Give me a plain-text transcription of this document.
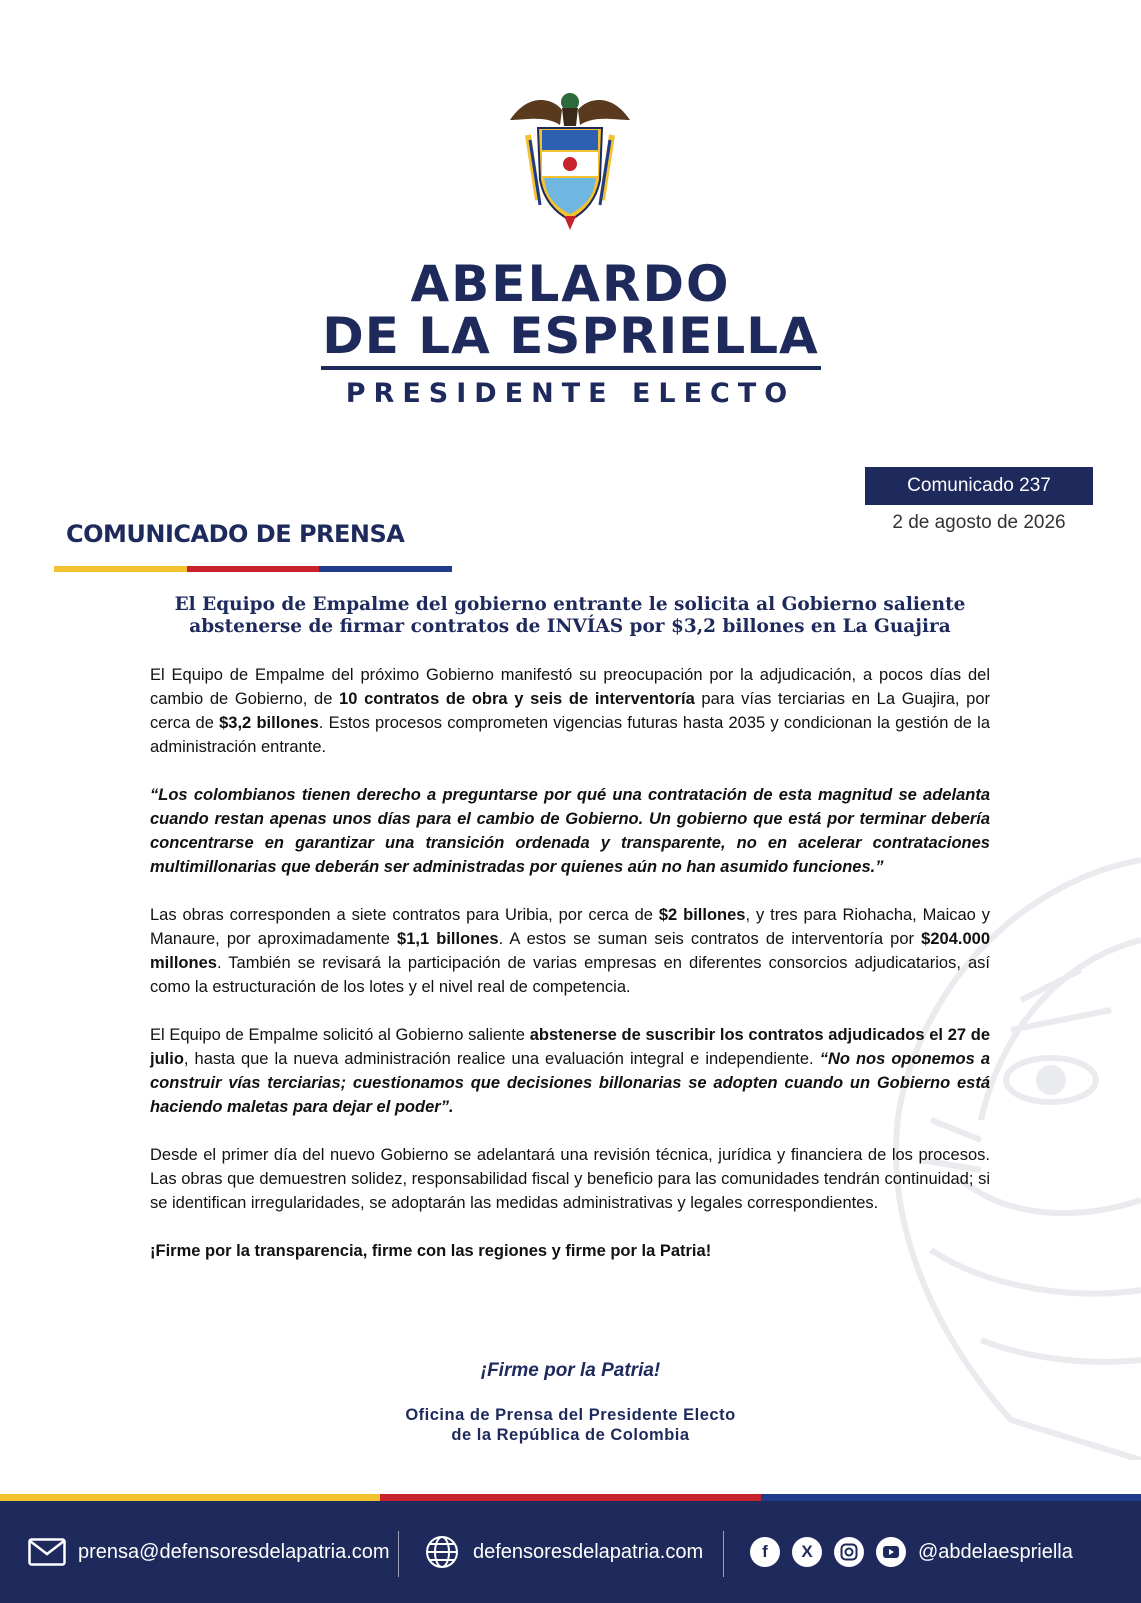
ABELARDO
DE LA ESPRIELLA
PRESIDENTE ELECTO
Comunicado 237
2 de agosto de 2026
COMUNICADO DE PRENSA
El Equipo de Empalme del gobierno entrante le solicita al Gobierno saliente
abstenerse de firmar contratos de INVÍAS por $3,2 billones en La Guajira

El Equipo de Empalme del próximo Gobierno manifestó su preocupación por la adjudicación, a pocos días del cambio de Gobierno, de 10 contratos de obra y seis de interventoría para vías terciarias en La Guajira, por cerca de $3,2 billones. Estos procesos comprometen vigencias futuras hasta 2035 y condicionan la gestión de la administración entrante.

“Los colombianos tienen derecho a preguntarse por qué una contratación de esta magnitud se adelanta cuando restan apenas unos días para el cambio de Gobierno. Un gobierno que está por terminar debería concentrarse en garantizar una transición ordenada y transparente, no en acelerar contrataciones multimillonarias que deberán ser administradas por quienes aún no han asumido funciones.”

Las obras corresponden a siete contratos para Uribia, por cerca de $2 billones, y tres para Riohacha, Maicao y Manaure, por aproximadamente $1,1 billones. A estos se suman seis contratos de interventoría por $204.000 millones. También se revisará la participación de varias empresas en diferentes consorcios adjudicatarios, así como la estructuración de los lotes y el nivel real de competencia.

El Equipo de Empalme solicitó al Gobierno saliente abstenerse de suscribir los contratos adjudicados el 27 de julio, hasta que la nueva administración realice una evaluación integral e independiente. “No nos oponemos a construir vías terciarias; cuestionamos que decisiones billonarias se adopten cuando un Gobierno está haciendo maletas para dejar el poder”.

Desde el primer día del nuevo Gobierno se adelantará una revisión técnica, jurídica y financiera de los procesos. Las obras que demuestren solidez, responsabilidad fiscal y beneficio para las comunidades tendrán continuidad; si se identifican irregularidades, se adoptarán las medidas administrativas y legales correspondientes.

¡Firme por la transparencia, firme con las regiones y firme por la Patria!

¡Firme por la Patria!
Oficina de Prensa del Presidente Electo
de la República de Colombia
prensa@defensoresdelapatria.com	defensoresdelapatria.com	f	X	@abdelaespriella
